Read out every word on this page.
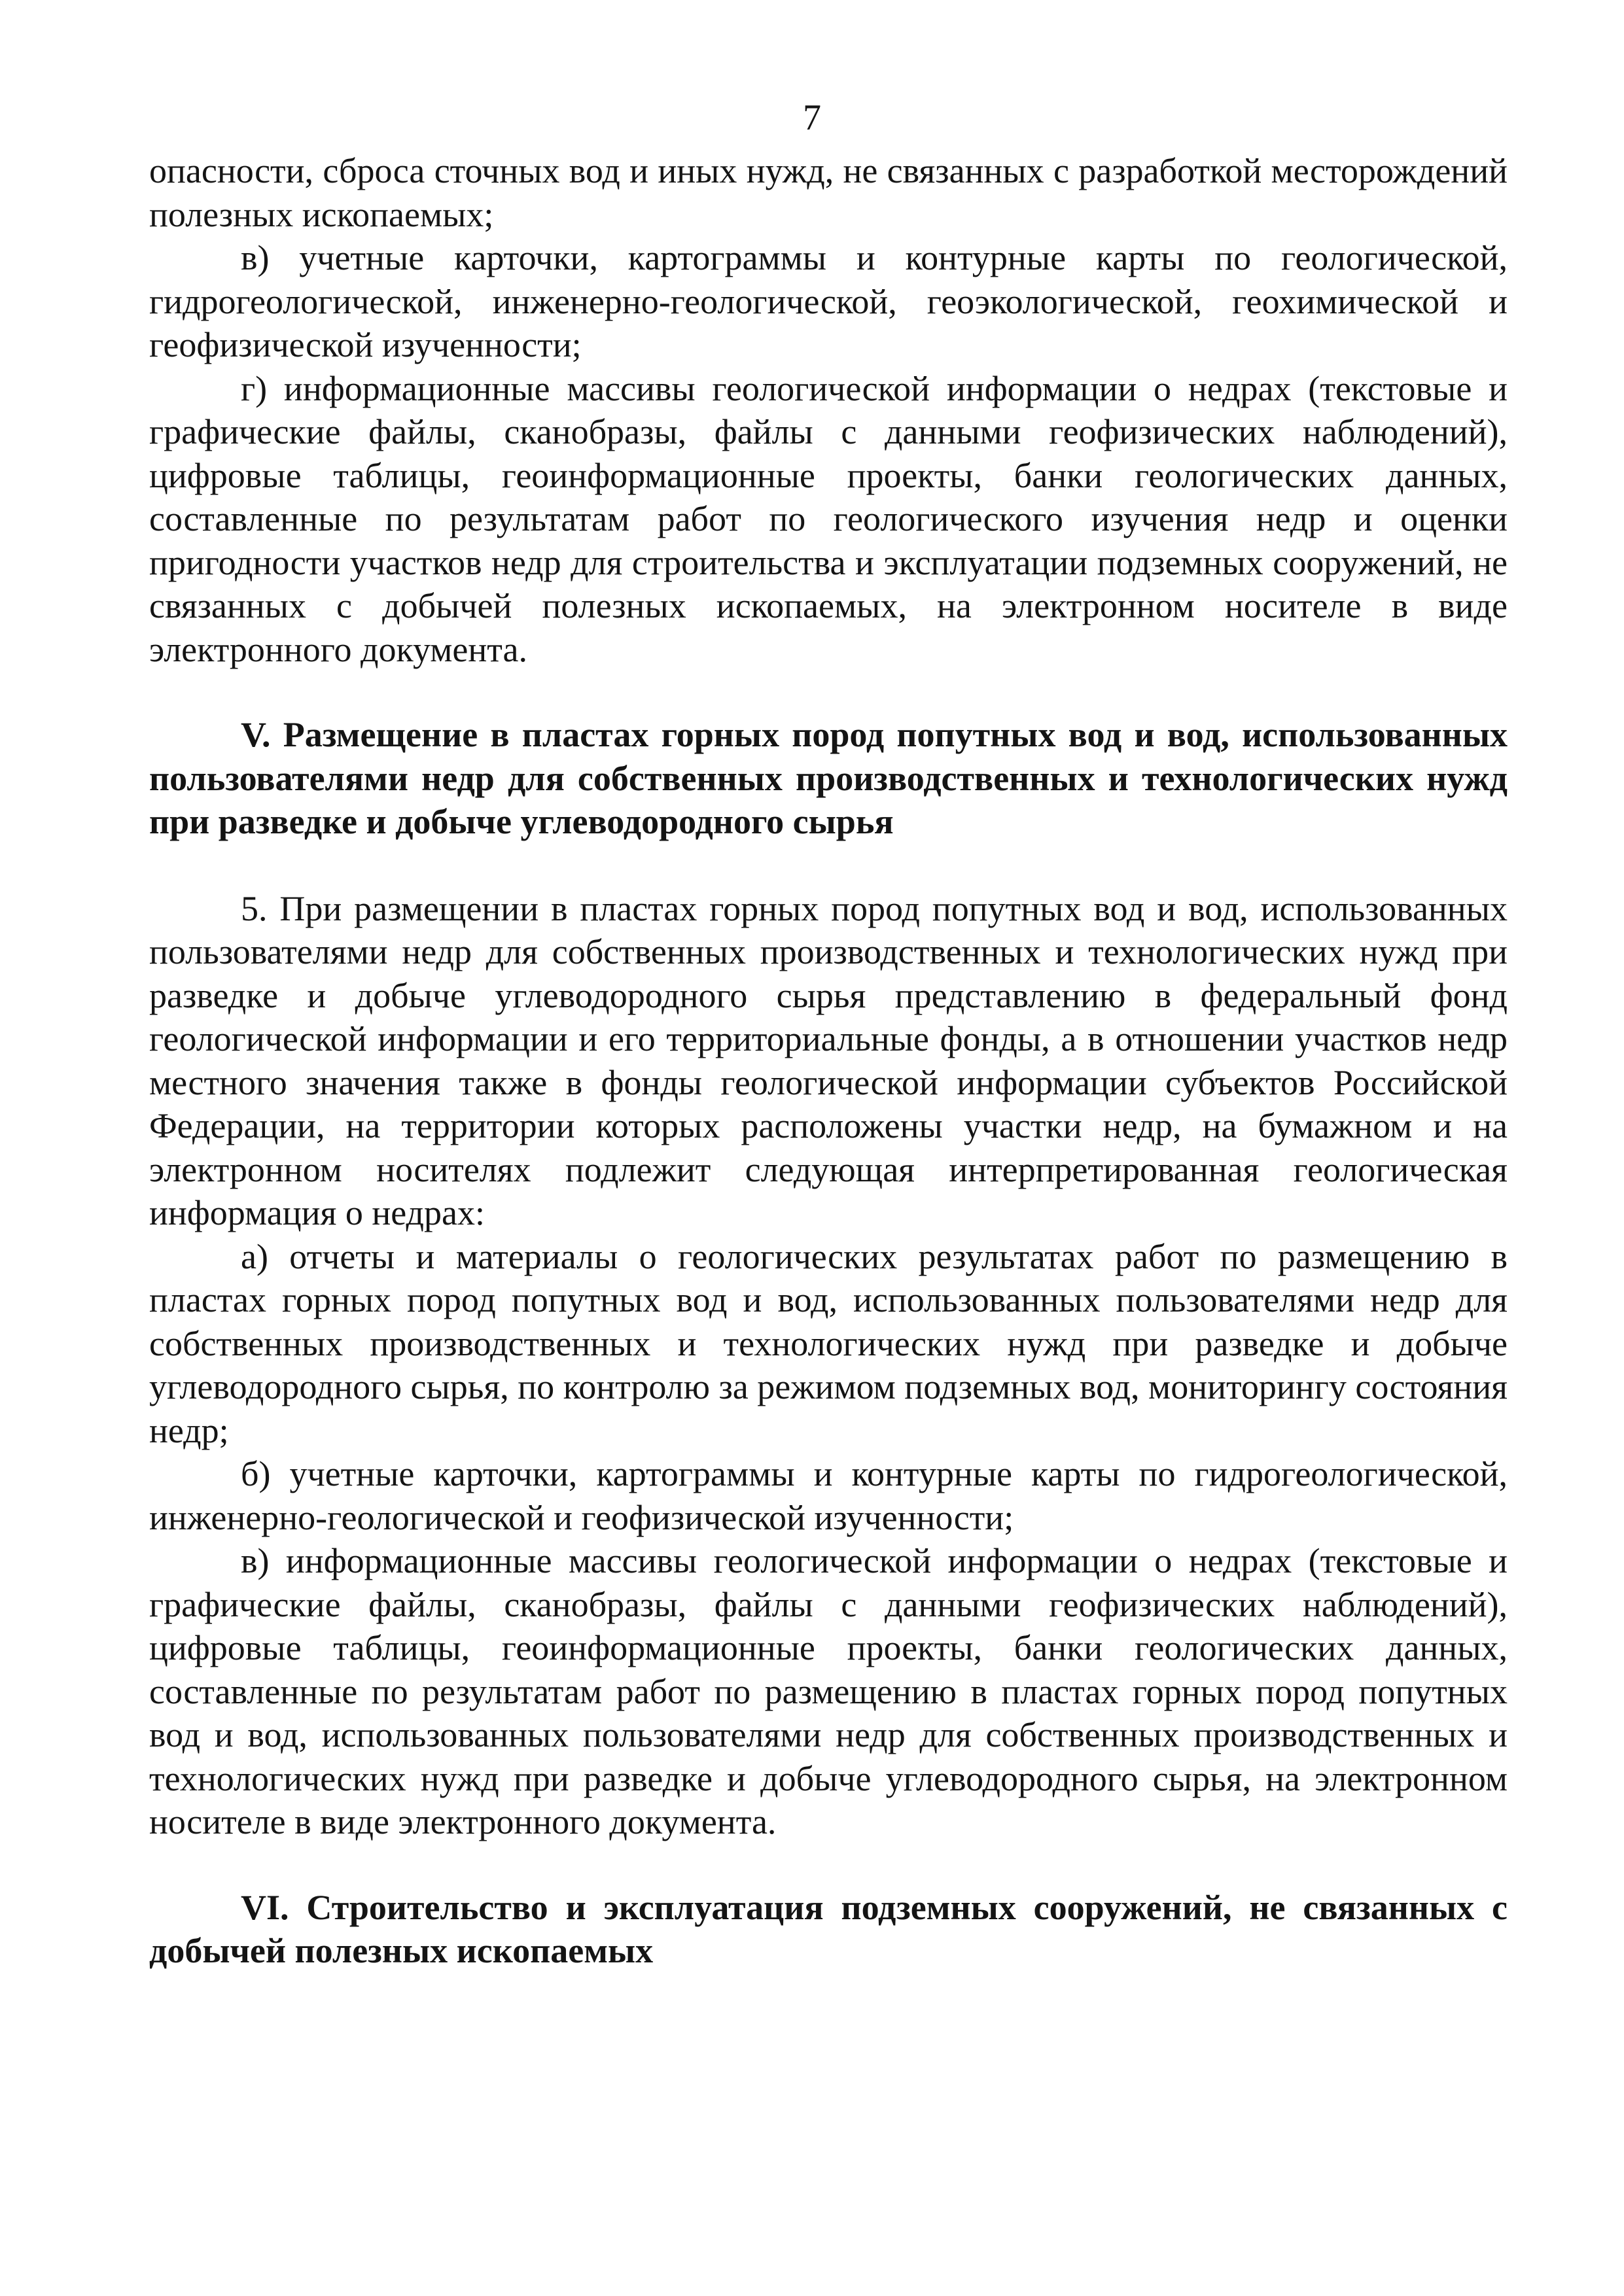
7

опасности, сброса сточных вод и иных нужд, не связанных с разработкой месторождений полезных ископаемых;

в) учетные карточки, картограммы и контурные карты по геологической, гидрогеологической, инженерно-геологической, геоэкологической, геохимической и геофизической изученности;

г) информационные массивы геологической информации о недрах (текстовые и графические файлы, сканобразы, файлы с данными геофизических наблюдений), цифровые таблицы, геоинформационные проекты, банки геологических данных, составленные по результатам работ по геологического изучения недр и оценки пригодности участков недр для строительства и эксплуатации подземных сооружений, не связанных с добычей полезных ископаемых, на электронном носителе в виде электронного документа.

V. Размещение в пластах горных пород попутных вод и вод, использованных пользователями недр для собственных производственных и технологических нужд при разведке и добыче углеводородного сырья

5. При размещении в пластах горных пород попутных вод и вод, использованных пользователями недр для собственных производственных и технологических нужд при разведке и добыче углеводородного сырья представлению в федеральный фонд геологической информации и его территориальные фонды, а в отношении участков недр местного значения также в фонды геологической информации субъектов Российской Федерации, на территории которых расположены участки недр, на бумажном и на электронном носителях подлежит следующая интерпретированная геологическая информация о недрах:

а) отчеты и материалы о геологических результатах работ по размещению в пластах горных пород попутных вод и вод, использованных пользователями недр для собственных производственных и технологических нужд при разведке и добыче углеводородного сырья, по контролю за режимом подземных вод, мониторингу состояния недр;

б) учетные карточки, картограммы и контурные карты по гидрогеологической, инженерно-геологической и геофизической изученности;

в) информационные массивы геологической информации о недрах (текстовые и графические файлы, сканобразы, файлы с данными геофизических наблюдений), цифровые таблицы, геоинформационные проекты, банки геологических данных, составленные по результатам работ по размещению в пластах горных пород попутных вод и вод, использованных пользователями недр для собственных производственных и технологических нужд при разведке и добыче углеводородного сырья, на электронном носителе в виде электронного документа.

VI. Строительство и эксплуатация подземных сооружений, не связанных с добычей полезных ископаемых
